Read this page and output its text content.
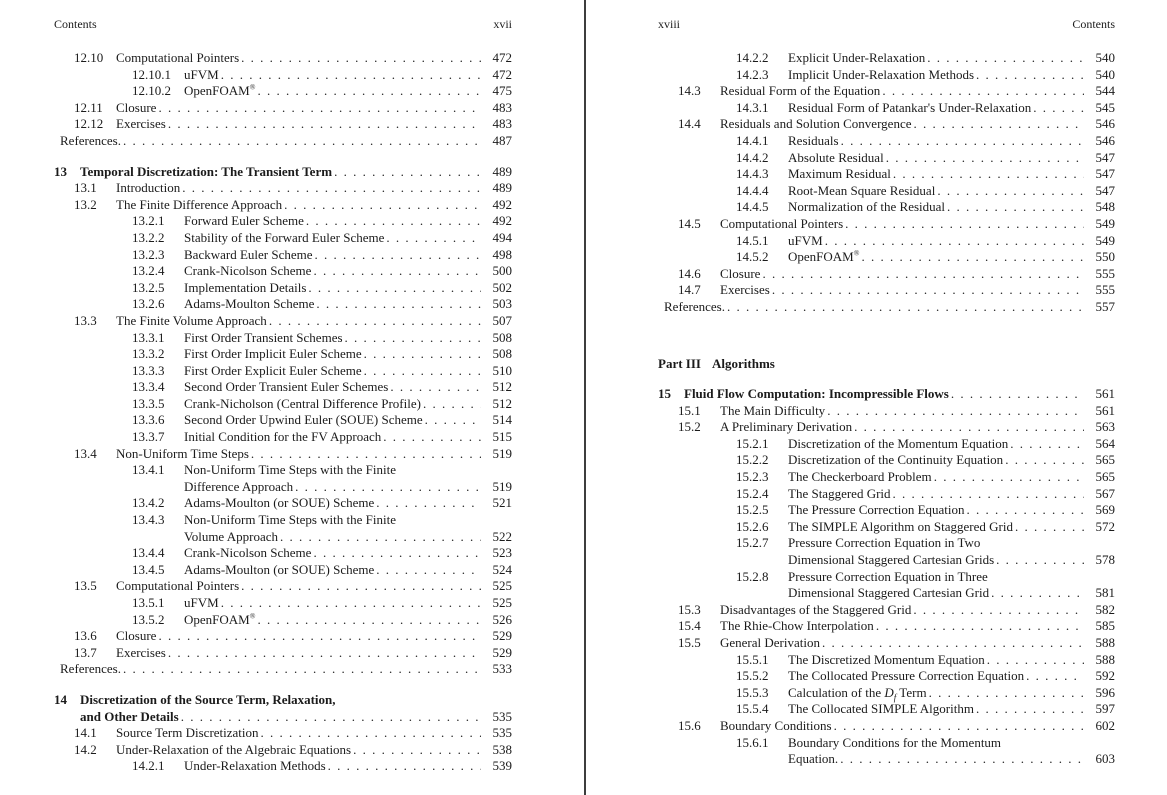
Contents	xvii
12.10 Computational Pointers . . .	472
12.10.1	uFVM . . .	472
12.10.2	OpenFOAM® . . .	475
12.11	Closure . . .	483
12.12 Exercises . . .	483
References. . . .	487
13	Temporal Discretization: The Transient Term . . .	489
13.1	Introduction . . .	489
13.2	The Finite Difference Approach . . .	492
13.2.1	Forward Euler Scheme . . .	492
13.2.2	Stability of the Forward Euler Scheme . . .	494
13.2.3	Backward Euler Scheme . . .	498
13.2.4	Crank-Nicolson Scheme . . .	500
13.2.5	Implementation Details . . .	502
13.2.6	Adams-Moulton Scheme . . .	503
13.3	The Finite Volume Approach . . .	507
13.3.1	First Order Transient Schemes . . .	508
13.3.2	First Order Implicit Euler Scheme . . .	508
13.3.3	First Order Explicit Euler Scheme . . .	510
13.3.4	Second Order Transient Euler Schemes . . .	512
13.3.5	Crank-Nicholson (Central Difference Profile) . . .	512
13.3.6	Second Order Upwind Euler (SOUE) Scheme . . .	514
13.3.7	Initial Condition for the FV Approach . . .	515
13.4	Non-Uniform Time Steps . . .	519
13.4.1	Non-Uniform Time Steps with the Finite
Difference Approach . . .	519
13.4.2	Adams-Moulton (or SOUE) Scheme . . .	521
13.4.3	Non-Uniform Time Steps with the Finite
Volume Approach . . .	522
13.4.4	Crank-Nicolson Scheme . . .	523
13.4.5	Adams-Moulton (or SOUE) Scheme . . .	524
13.5	Computational Pointers . . .	525
13.5.1	uFVM . . .	525
13.5.2	OpenFOAM® . . .	526
13.6	Closure . . .	529
13.7	Exercises . . .	529
References. . . .	533
14	Discretization of the Source Term, Relaxation,
and Other Details . . .	535
14.1	Source Term Discretization . . .	535
14.2	Under-Relaxation of the Algebraic Equations . . .	538
14.2.1	Under-Relaxation Methods . . .	539
xviii	Contents
14.2.2	Explicit Under-Relaxation . . .	540
14.2.3	Implicit Under-Relaxation Methods . . .	540
14.3	Residual Form of the Equation . . .	544
14.3.1	Residual Form of Patankar's Under-Relaxation . . .	545
14.4	Residuals and Solution Convergence . . .	546
14.4.1	Residuals . . .	546
14.4.2	Absolute Residual . . .	547
14.4.3	Maximum Residual . . .	547
14.4.4	Root-Mean Square Residual . . .	547
14.4.5	Normalization of the Residual . . .	548
14.5	Computational Pointers . . .	549
14.5.1	uFVM . . .	549
14.5.2	OpenFOAM® . . .	550
14.6	Closure . . .	555
14.7	Exercises . . .	555
References. . . .	557
Part III Algorithms
15	Fluid Flow Computation: Incompressible Flows . . .	561
15.1	The Main Difficulty . . .	561
15.2	A Preliminary Derivation . . .	563
15.2.1	Discretization of the Momentum Equation . . .	564
15.2.2	Discretization of the Continuity Equation . . .	565
15.2.3	The Checkerboard Problem . . .	565
15.2.4	The Staggered Grid . . .	567
15.2.5	The Pressure Correction Equation . . .	569
15.2.6	The SIMPLE Algorithm on Staggered Grid . . .	572
15.2.7	Pressure Correction Equation in Two
Dimensional Staggered Cartesian Grids . . .	578
15.2.8	Pressure Correction Equation in Three
Dimensional Staggered Cartesian Grid . . .	581
15.3	Disadvantages of the Staggered Grid . . .	582
15.4	The Rhie-Chow Interpolation . . .	585
15.5	General Derivation . . .	588
15.5.1	The Discretized Momentum Equation . . .	588
15.5.2	The Collocated Pressure Correction Equation . . .	592
15.5.3	Calculation of the $D_f$ Term . . .	596
15.5.4	The Collocated SIMPLE Algorithm . . .	597
15.6	Boundary Conditions . . .	602
15.6.1	Boundary Conditions for the Momentum
Equation. . . .	603
